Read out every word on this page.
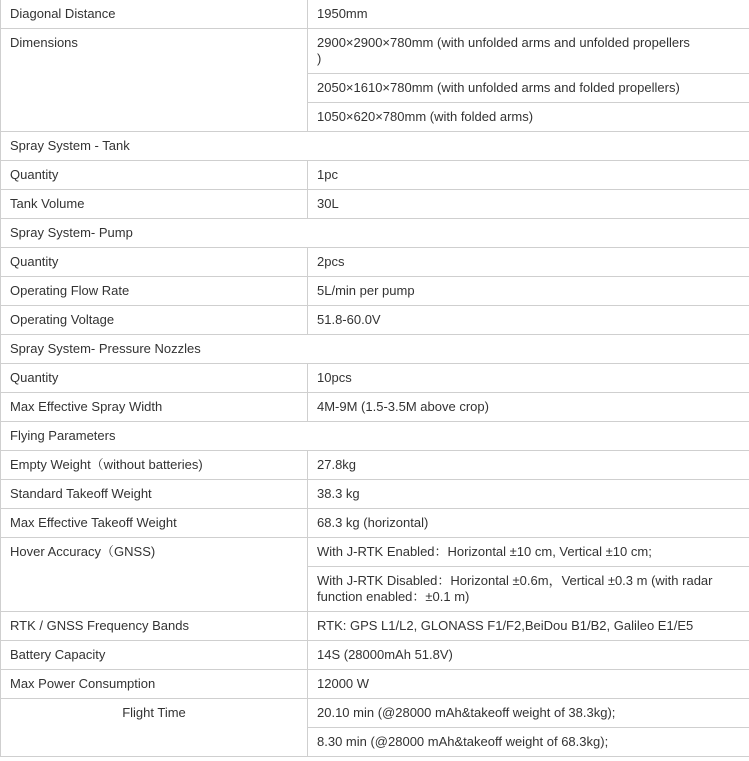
Diagonal Distance	1950mm
Dimensions	2900×2900×780mm (with unfolded arms and unfolded propellers
)
	2050×1610×780mm (with unfolded arms and folded propellers)
	1050×620×780mm (with folded arms)
Spray System - Tank	
Quantity	1pc
Tank Volume	30L
Spray System- Pump	
Quantity	2pcs
Operating Flow Rate	5L/min per pump
Operating Voltage	51.8-60.0V
Spray System- Pressure Nozzles	
Quantity	10pcs
Max Effective Spray Width	4M-9M (1.5-3.5M above crop)
Flying Parameters	
Empty Weight（without batteries)	27.8kg
Standard Takeoff Weight	38.3 kg
Max Effective Takeoff Weight	68.3 kg (horizontal)
Hover Accuracy（GNSS)	With J-RTK Enabled：Horizontal ±10 cm, Vertical ±10 cm;
	With J-RTK Disabled：Horizontal ±0.6m，Vertical ±0.3 m (with radar function enabled：±0.1 m)
RTK / GNSS Frequency Bands	RTK: GPS L1/L2, GLONASS F1/F2,BeiDou B1/B2, Galileo E1/E5
Battery Capacity	14S (28000mAh 51.8V)
Max Power Consumption	12000 W
Flight Time	20.10 min (@28000 mAh&takeoff weight of 38.3kg);
	8.30 min (@28000 mAh&takeoff weight of 68.3kg);
